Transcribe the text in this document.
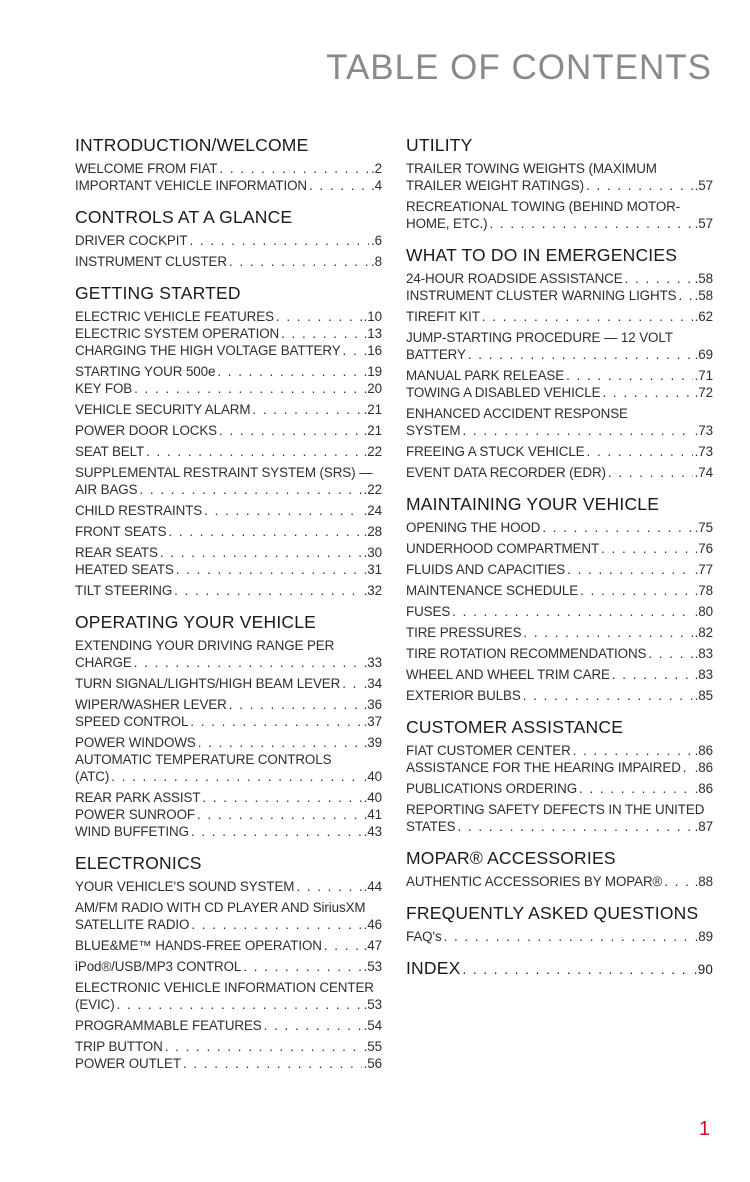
TABLE OF CONTENTS
INTRODUCTION/WELCOME
WELCOME FROM FIAT . . .	. 2
IMPORTANT VEHICLE INFORMATION . . .	. 4
CONTROLS AT A GLANCE
DRIVER COCKPIT . . .	. 6
INSTRUMENT CLUSTER . . .	. 8
GETTING STARTED
ELECTRIC VEHICLE FEATURES . . .	. 10
ELECTRIC SYSTEM OPERATION . . .	. 13
CHARGING THE HIGH VOLTAGE BATTERY . . . . 16
STARTING YOUR 500e . . .	. 19
KEY FOB . . .	. 20
VEHICLE SECURITY ALARM . . .	. 21
POWER DOOR LOCKS . . .	. 21
SEAT BELT . . .	. 22
SUPPLEMENTAL RESTRAINT SYSTEM (SRS) —
AIR BAGS . . .	. 22
CHILD RESTRAINTS . . .	. 24
FRONT SEATS . . .	. 28
REAR SEATS . . .	. 30
HEATED SEATS . . .	. 31
TILT STEERING . . .	. 32
OPERATING YOUR VEHICLE
EXTENDING YOUR DRIVING RANGE PER
CHARGE . . .	. 33
TURN SIGNAL/LIGHTS/HIGH BEAM LEVER . . . . 34
WIPER/WASHER LEVER . . .	. 36
SPEED CONTROL . . .	. 37
POWER WINDOWS . . .	. 39
AUTOMATIC TEMPERATURE CONTROLS
(ATC) . . .	. 40
REAR PARK ASSIST . . .	. 40
POWER SUNROOF . . .	. 41
WIND BUFFETING . . .	. 43
ELECTRONICS
YOUR VEHICLE'S SOUND SYSTEM . . .	. 44
AM/FM RADIO WITH CD PLAYER AND SiriusXM
SATELLITE RADIO . . .	. 46
BLUE&ME™ HANDS-FREE OPERATION . . .	. 47
iPod®/USB/MP3 CONTROL . . .	. 53
ELECTRONIC VEHICLE INFORMATION CENTER
(EVIC) . . .	. 53
PROGRAMMABLE FEATURES . . .	. 54
TRIP BUTTON . . .	. 55
POWER OUTLET . . .	. 56
UTILITY
TRAILER TOWING WEIGHTS (MAXIMUM
TRAILER WEIGHT RATINGS) . . .	. 57
RECREATIONAL TOWING (BEHIND MOTOR-
HOME, ETC.) . . .	. 57
WHAT TO DO IN EMERGENCIES
24-HOUR ROADSIDE ASSISTANCE . . .	. 58
INSTRUMENT CLUSTER WARNING LIGHTS . . . . 58
TIREFIT KIT . . .	. 62
JUMP-STARTING PROCEDURE — 12 VOLT
BATTERY . . .	. 69
MANUAL PARK RELEASE . . .	. 71
TOWING A DISABLED VEHICLE . . .	. 72
ENHANCED ACCIDENT RESPONSE
SYSTEM . . .	. 73
FREEING A STUCK VEHICLE . . .	. 73
EVENT DATA RECORDER (EDR) . . .	. 74
MAINTAINING YOUR VEHICLE
OPENING THE HOOD . . .	. 75
UNDERHOOD COMPARTMENT . . .	. 76
FLUIDS AND CAPACITIES . . .	. 77
MAINTENANCE SCHEDULE . . .	. 78
FUSES . . .	. 80
TIRE PRESSURES . . .	. 82
TIRE ROTATION RECOMMENDATIONS . . .	. 83
WHEEL AND WHEEL TRIM CARE . . .	. 83
EXTERIOR BULBS . . .	. 85
CUSTOMER ASSISTANCE
FIAT CUSTOMER CENTER . . .	. 86
ASSISTANCE FOR THE HEARING IMPAIRED . . . . 86
PUBLICATIONS ORDERING . . .	. 86
REPORTING SAFETY DEFECTS IN THE UNITED
STATES . . .	. 87
MOPAR® ACCESSORIES
AUTHENTIC ACCESSORIES BY MOPAR® . . .	. 88
FREQUENTLY ASKED QUESTIONS
FAQ's . . .	. 89
INDEX . . .	. 90
1
